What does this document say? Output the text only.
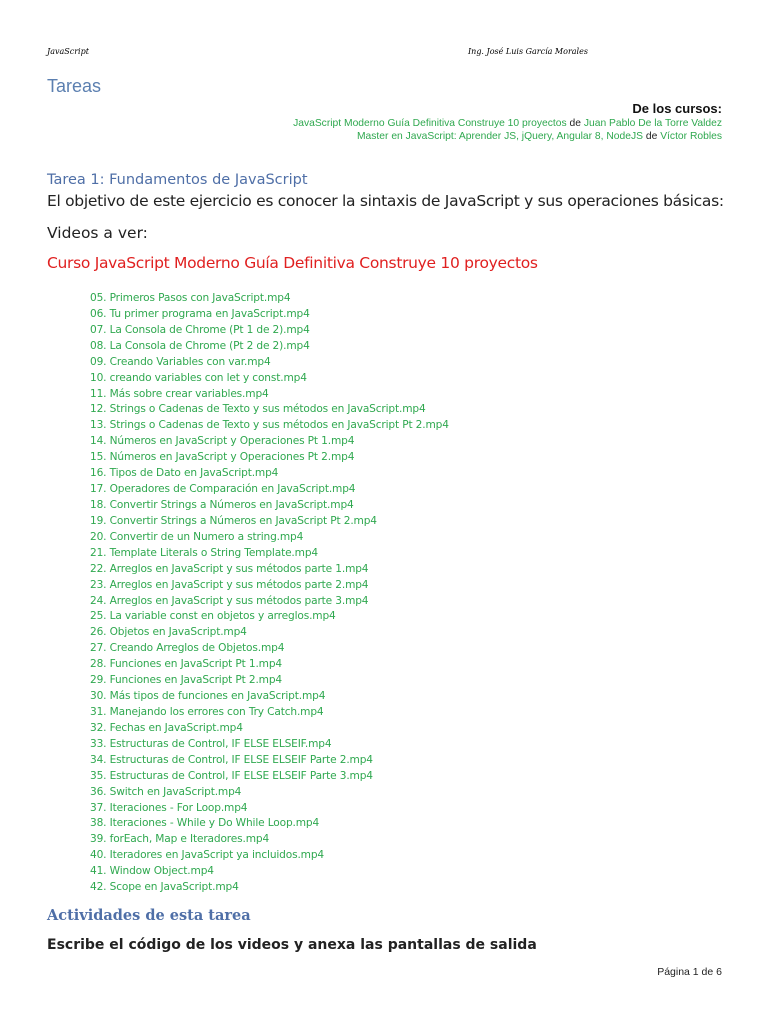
JavaScript	Ing. José Luis García Morales
Tareas
De los cursos:
JavaScript Moderno Guía Definitiva Construye 10 proyectos de Juan Pablo De la Torre Valdez
Master en JavaScript: Aprender JS, jQuery, Angular 8, NodeJS de Víctor Robles
Tarea 1: Fundamentos de JavaScript
El objetivo de este ejercicio es conocer la sintaxis de JavaScript y sus operaciones básicas:
Videos a ver:
Curso JavaScript Moderno Guía Definitiva Construye 10 proyectos
05. Primeros Pasos con JavaScript.mp4
06. Tu primer programa en JavaScript.mp4
07. La Consola de Chrome (Pt 1 de 2).mp4
08. La Consola de Chrome (Pt 2 de 2).mp4
09. Creando Variables con var.mp4
10. creando variables con let y const.mp4
11. Más sobre crear variables.mp4
12. Strings o Cadenas de Texto y sus métodos en JavaScript.mp4
13. Strings o Cadenas de Texto y sus métodos en JavaScript Pt 2.mp4
14. Números en JavaScript y Operaciones Pt 1.mp4
15. Números en JavaScript y Operaciones Pt 2.mp4
16. Tipos de Dato en JavaScript.mp4
17. Operadores de Comparación en JavaScript.mp4
18. Convertir Strings a Números en JavaScript.mp4
19. Convertir Strings a Números en JavaScript Pt 2.mp4
20. Convertir de un Numero a string.mp4
21. Template Literals o String Template.mp4
22. Arreglos en JavaScript y sus métodos parte 1.mp4
23. Arreglos en JavaScript y sus métodos parte 2.mp4
24. Arreglos en JavaScript y sus métodos parte 3.mp4
25. La variable const en objetos y arreglos.mp4
26. Objetos en JavaScript.mp4
27. Creando Arreglos de Objetos.mp4
28. Funciones en JavaScript Pt 1.mp4
29. Funciones en JavaScript Pt 2.mp4
30. Más tipos de funciones en JavaScript.mp4
31. Manejando los errores con Try Catch.mp4
32. Fechas en JavaScript.mp4
33. Estructuras de Control, IF ELSE ELSEIF.mp4
34. Estructuras de Control, IF ELSE ELSEIF Parte 2.mp4
35. Estructuras de Control, IF ELSE ELSEIF Parte 3.mp4
36. Switch en JavaScript.mp4
37. Iteraciones - For Loop.mp4
38. Iteraciones - While y Do While Loop.mp4
39. forEach, Map e Iteradores.mp4
40. Iteradores en JavaScript ya incluidos.mp4
41. Window Object.mp4
42. Scope en JavaScript.mp4
Actividades de esta tarea
Escribe el código de los videos y anexa las pantallas de salida
Página 1 de 6
